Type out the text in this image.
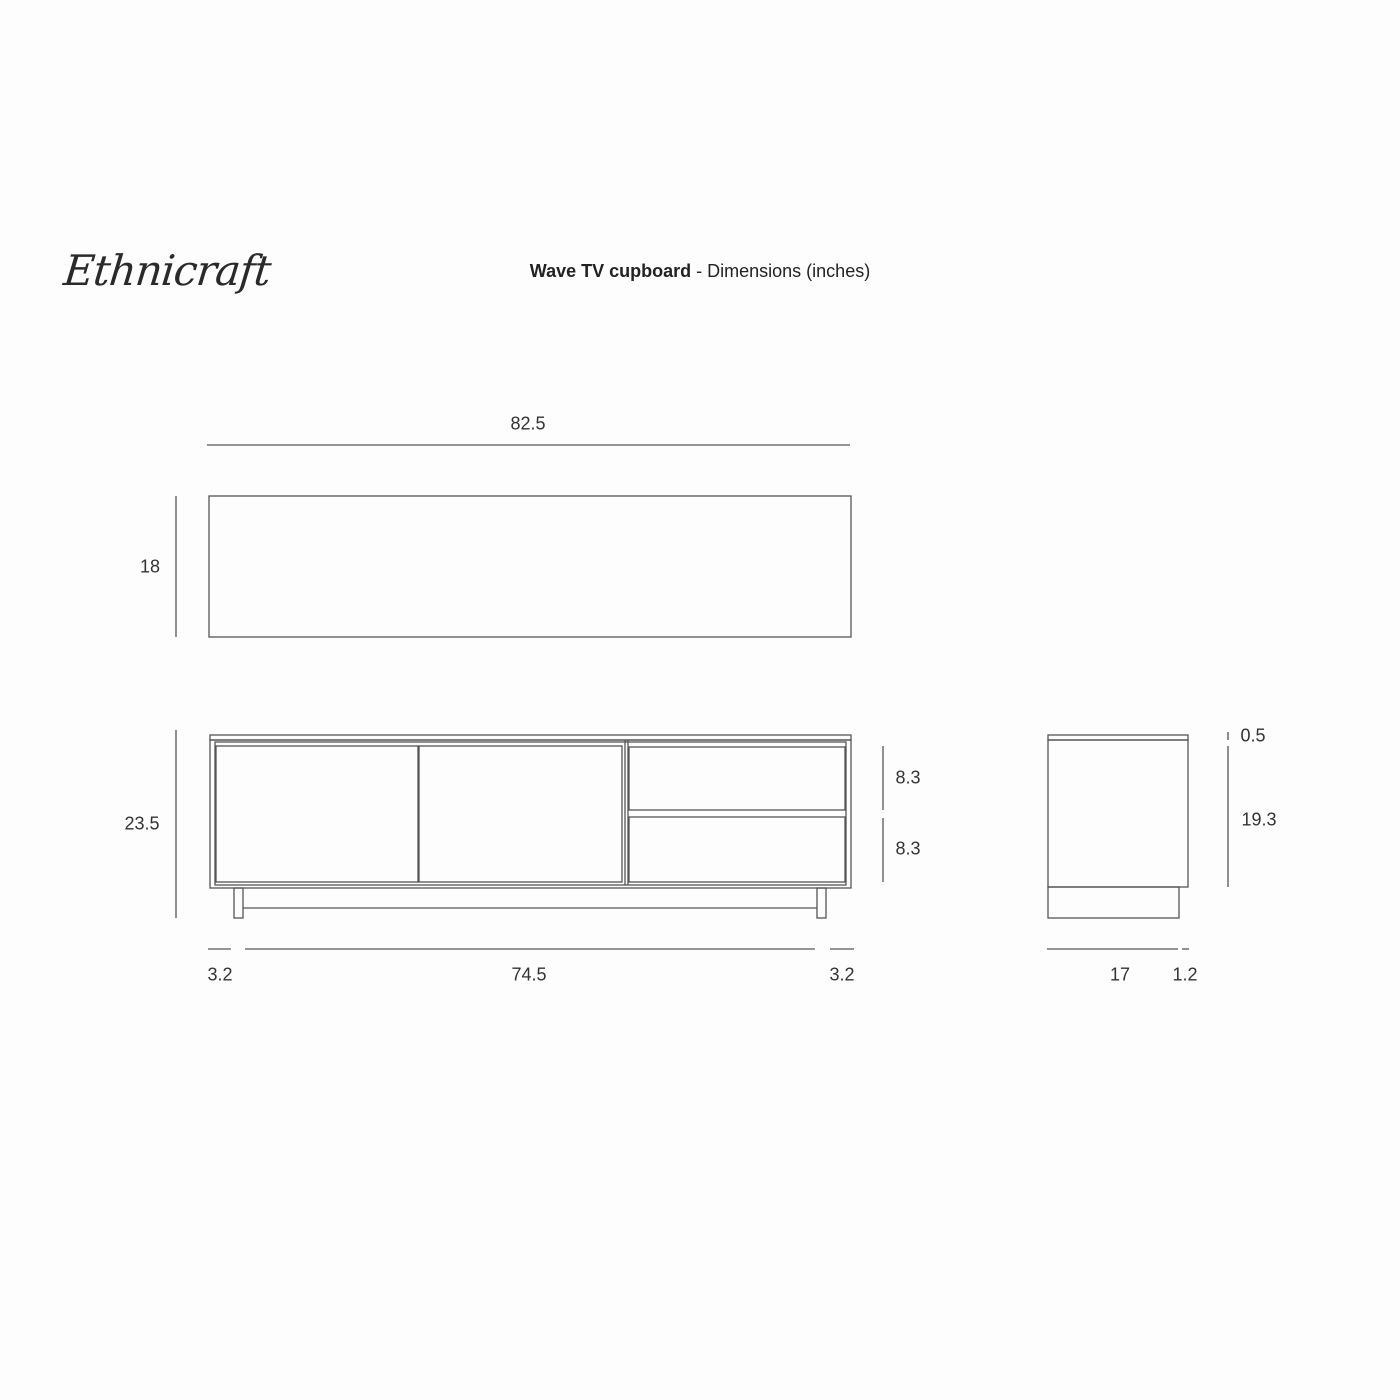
Ethnicraft	Wave TV cupboard - Dimensions (inches)
82.5
18
23.5
8.3
8.3
3.2	74.5	3.2
0.5
19.3
17 1.2
